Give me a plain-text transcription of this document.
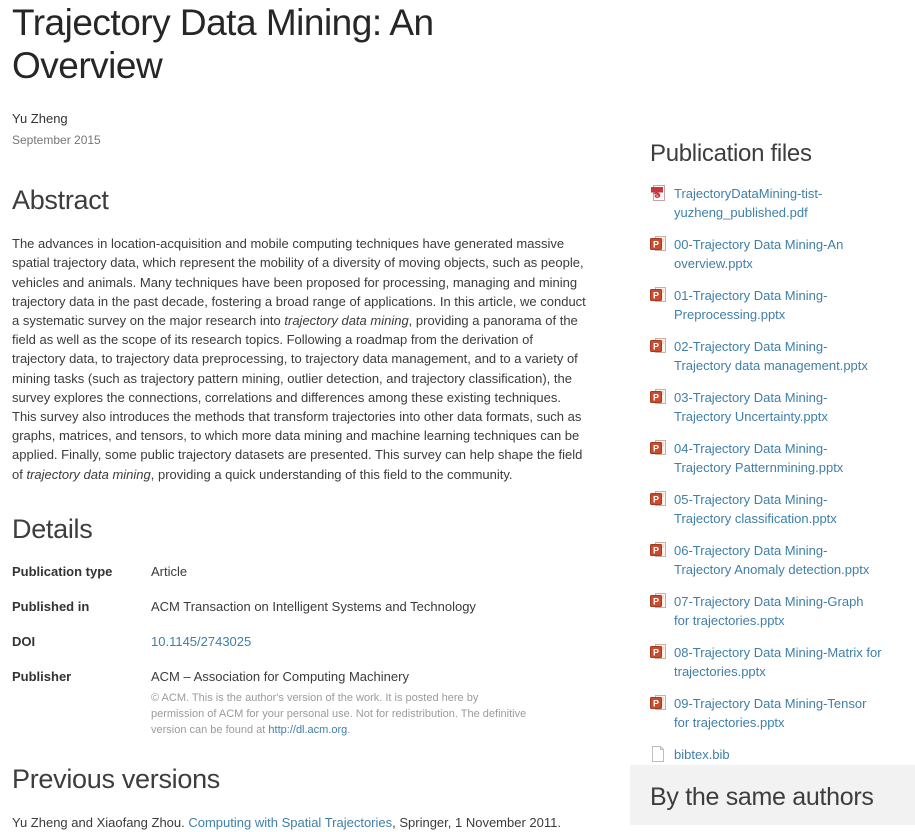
Trajectory Data Mining: An Overview
Yu Zheng
September 2015
Abstract

The advances in location-acquisition and mobile computing techniques have generated massive spatial trajectory data, which represent the mobility of a diversity of moving objects, such as people, vehicles and animals. Many techniques have been proposed for processing, managing and mining trajectory data in the past decade, fostering a broad range of applications. In this article, we conduct a systematic survey on the major research into trajectory data mining, providing a panorama of the field as well as the scope of its research topics. Following a roadmap from the derivation of trajectory data, to trajectory data preprocessing, to trajectory data management, and to a variety of mining tasks (such as trajectory pattern mining, outlier detection, and trajectory classification), the survey explores the connections, correlations and differences among these existing techniques. This survey also introduces the methods that transform trajectories into other data formats, such as graphs, matrices, and tensors, to which more data mining and machine learning techniques can be applied. Finally, some public trajectory datasets are presented. This survey can help shape the field of trajectory data mining, providing a quick understanding of this field to the community.

Details
Publication type	Article
Published in	ACM Transaction on Intelligent Systems and Technology
DOI	10.1145/2743025
Publisher	ACM – Association for Computing Machinery
© ACM. This is the author's version of the work. It is posted here by permission of ACM for your personal use. Not for redistribution. The definitive version can be found at http://dl.acm.org.
Previous versions

Yu Zheng and Xiaofang Zhou. Computing with Spatial Trajectories, Springer, 1 November 2011.

Publication files
TrajectoryDataMining-tist-yuzheng_published.pdf
P 00-Trajectory Data Mining-An overview.pptx
P 01-Trajectory Data Mining-Preprocessing.pptx
P 02-Trajectory Data Mining-Trajectory data management.pptx
P 03-Trajectory Data Mining-Trajectory Uncertainty.pptx
P 04-Trajectory Data Mining-Trajectory Patternmining.pptx
P 05-Trajectory Data Mining-Trajectory classification.pptx
P 06-Trajectory Data Mining-Trajectory Anomaly detection.pptx
P 07-Trajectory Data Mining-Graph for trajectories.pptx
P 08-Trajectory Data Mining-Matrix for trajectories.pptx
P 09-Trajectory Data Mining-Tensor for trajectories.pptx
bibtex.bib
By the same authors
